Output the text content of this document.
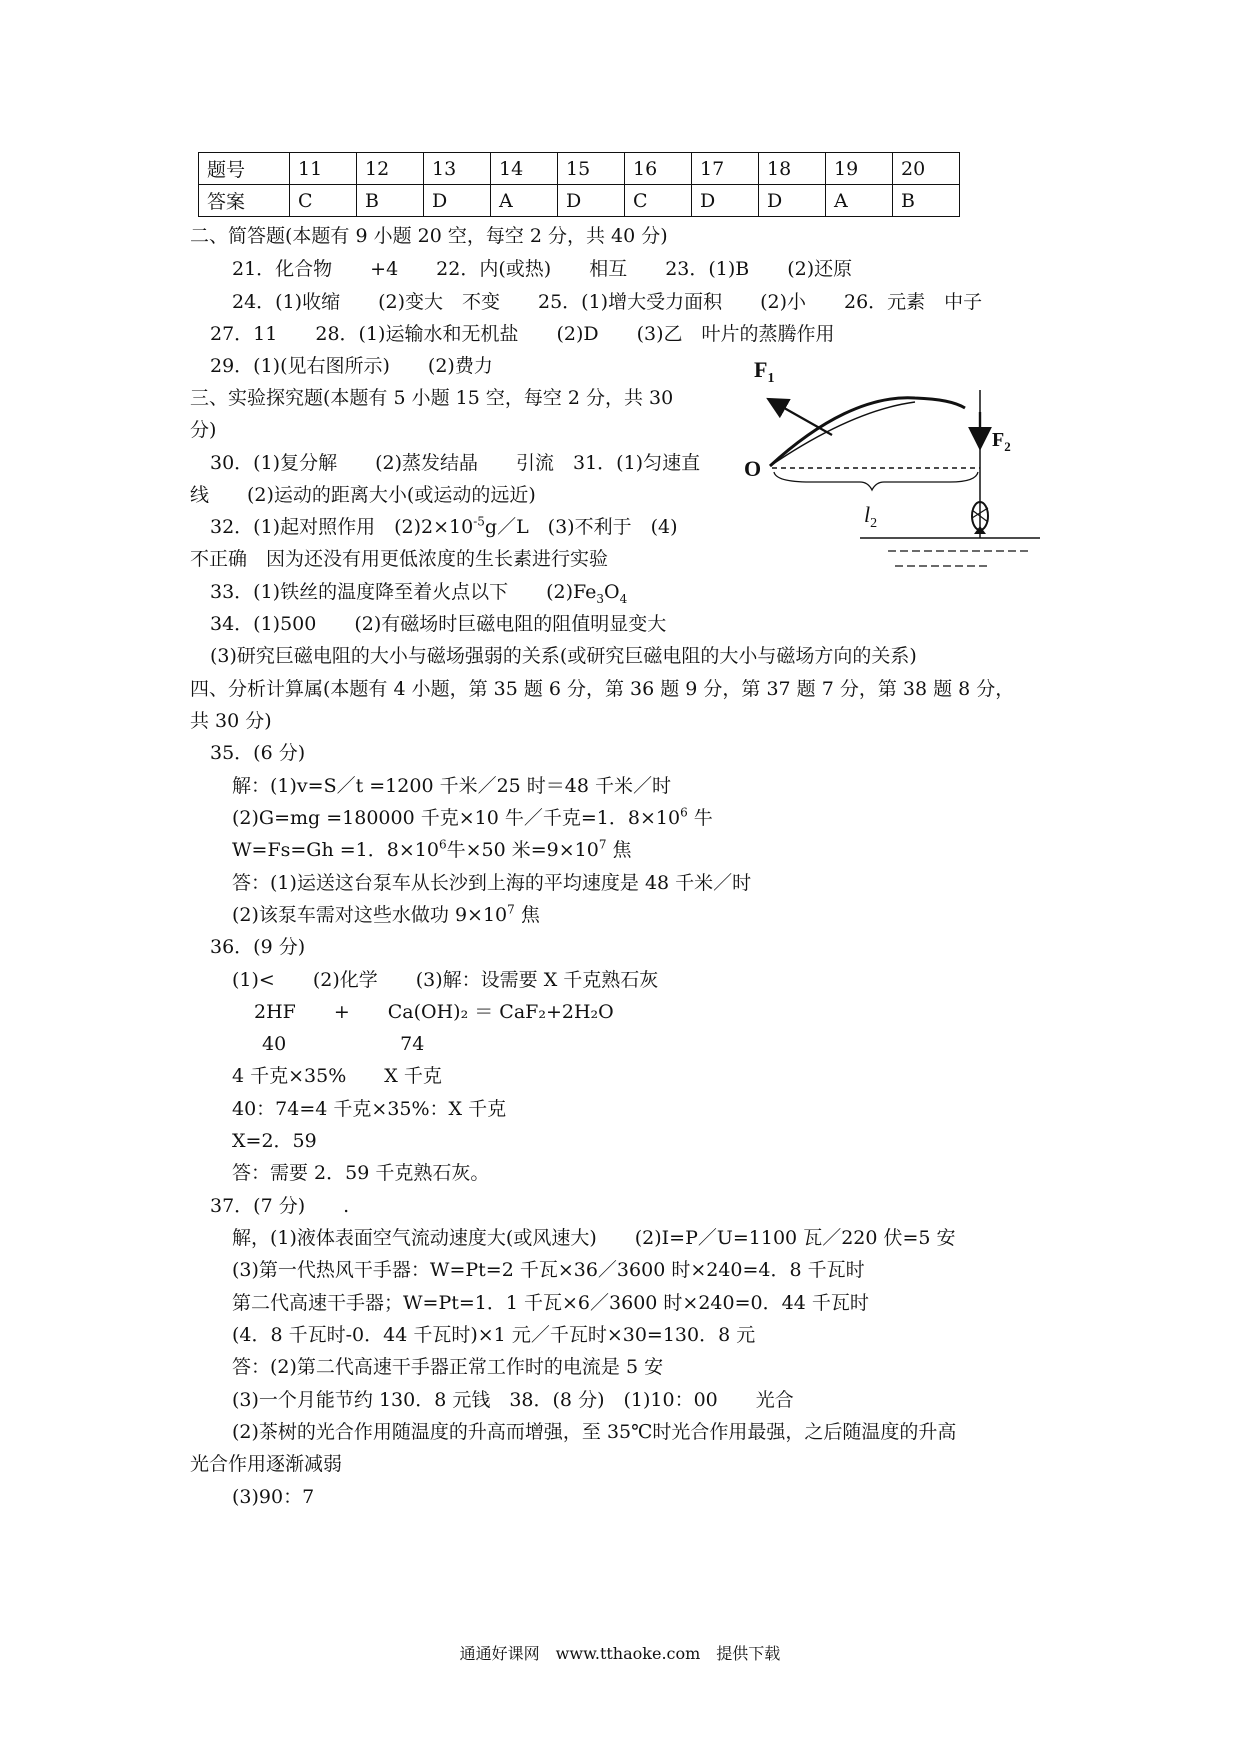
题号	11	12	13	14	15	16	17	18	19	20
答案	C	B	D	A	D	C	D	D	A	B
二、简答题(本题有 9 小题 20 空，每空 2 分，共 40 分)
21．化合物　　+4　　22．内(或热)　　相互　　23．(1)B　　(2)还原
24．(1)收缩　　(2)变大　不变　　25．(1)增大受力面积　　(2)小　　26．元素　中子
27．11　　28．(1)运输水和无机盐　　(2)D　　(3)乙　叶片的蒸腾作用
29．(1)(见右图所示)　　(2)费力
三、实验探究题(本题有 5 小题 15 空，每空 2 分，共 30
分)
30．(1)复分解　　(2)蒸发结晶　　引流　31．(1)匀速直
线　　(2)运动的距离大小(或运动的远近)
32．(1)起对照作用　$(2)2\times 10^{-5}g/L$　(3)不利于　(4)
不正确　因为还没有用更低浓度的生长素进行实验
33．(1)铁丝的温度降至着火点以下　　$(2)Fe_3O_4$
34．(1)500　　(2)有磁场时巨磁电阻的阻值明显变大
(3)研究巨磁电阻的大小与磁场强弱的关系(或研究巨磁电阻的大小与磁场方向的关系)
四、分析计算属(本题有 4 小题，第 35 题 6 分，第 36 题 9 分，第 37 题 7 分，第 38 题 8 分，
共 30 分)
35．(6 分)
解：(1)v=S／t =1200 千米／25 时＝48 千米／时
(2)G=mg =180000 千克×10 牛／千克=1．$8\times 10^6$ 牛
W=Fs=Gh =1．$8\times 10^6$牛×50 米$=9\times 10^7$ 焦
答：(1)运送这台泵车从长沙到上海的平均速度是 48 千米／时
(2)该泵车需对这些水做功 $9\times 10^7$ 焦
36．(9 分)
(1)<　　(2)化学　　(3)解：设需要 X 千克熟石灰
2HF　　+　　Ca(OH)₂ ＝ CaF₂+2H₂O
40　　　　　　74
4 千克×35%　　X 千克
40：74=4 千克×35%：X 千克
X=2．59
答：需要 2．59 千克熟石灰。
37．(7 分)　　.
解，(1)液体表面空气流动速度大(或风速大)　　(2)I=P／U=1100 瓦／220 伏=5 安
(3)第一代热风干手器：W=Pt=2 千瓦×36／3600 时×240=4．8 千瓦时
第二代高速干手器；W=Pt=1．1 千瓦×6／3600 时×240=0．44 千瓦时
(4．8 千瓦时-0．44 千瓦时)×1 元／千瓦时×30=130．8 元
答：(2)第二代高速干手器正常工作时的电流是 5 安
(3)一个月能节约 130．8 元钱　38．(8 分)　(1)10：00　　光合
(2)茶树的光合作用随温度的升高而增强，至 35℃时光合作用最强，之后随温度的升高
光合作用逐渐减弱
(3)90：7
$F_1$
$F_2$
O
$l_2$
通通好课网　www.tthaoke.com　提供下载
